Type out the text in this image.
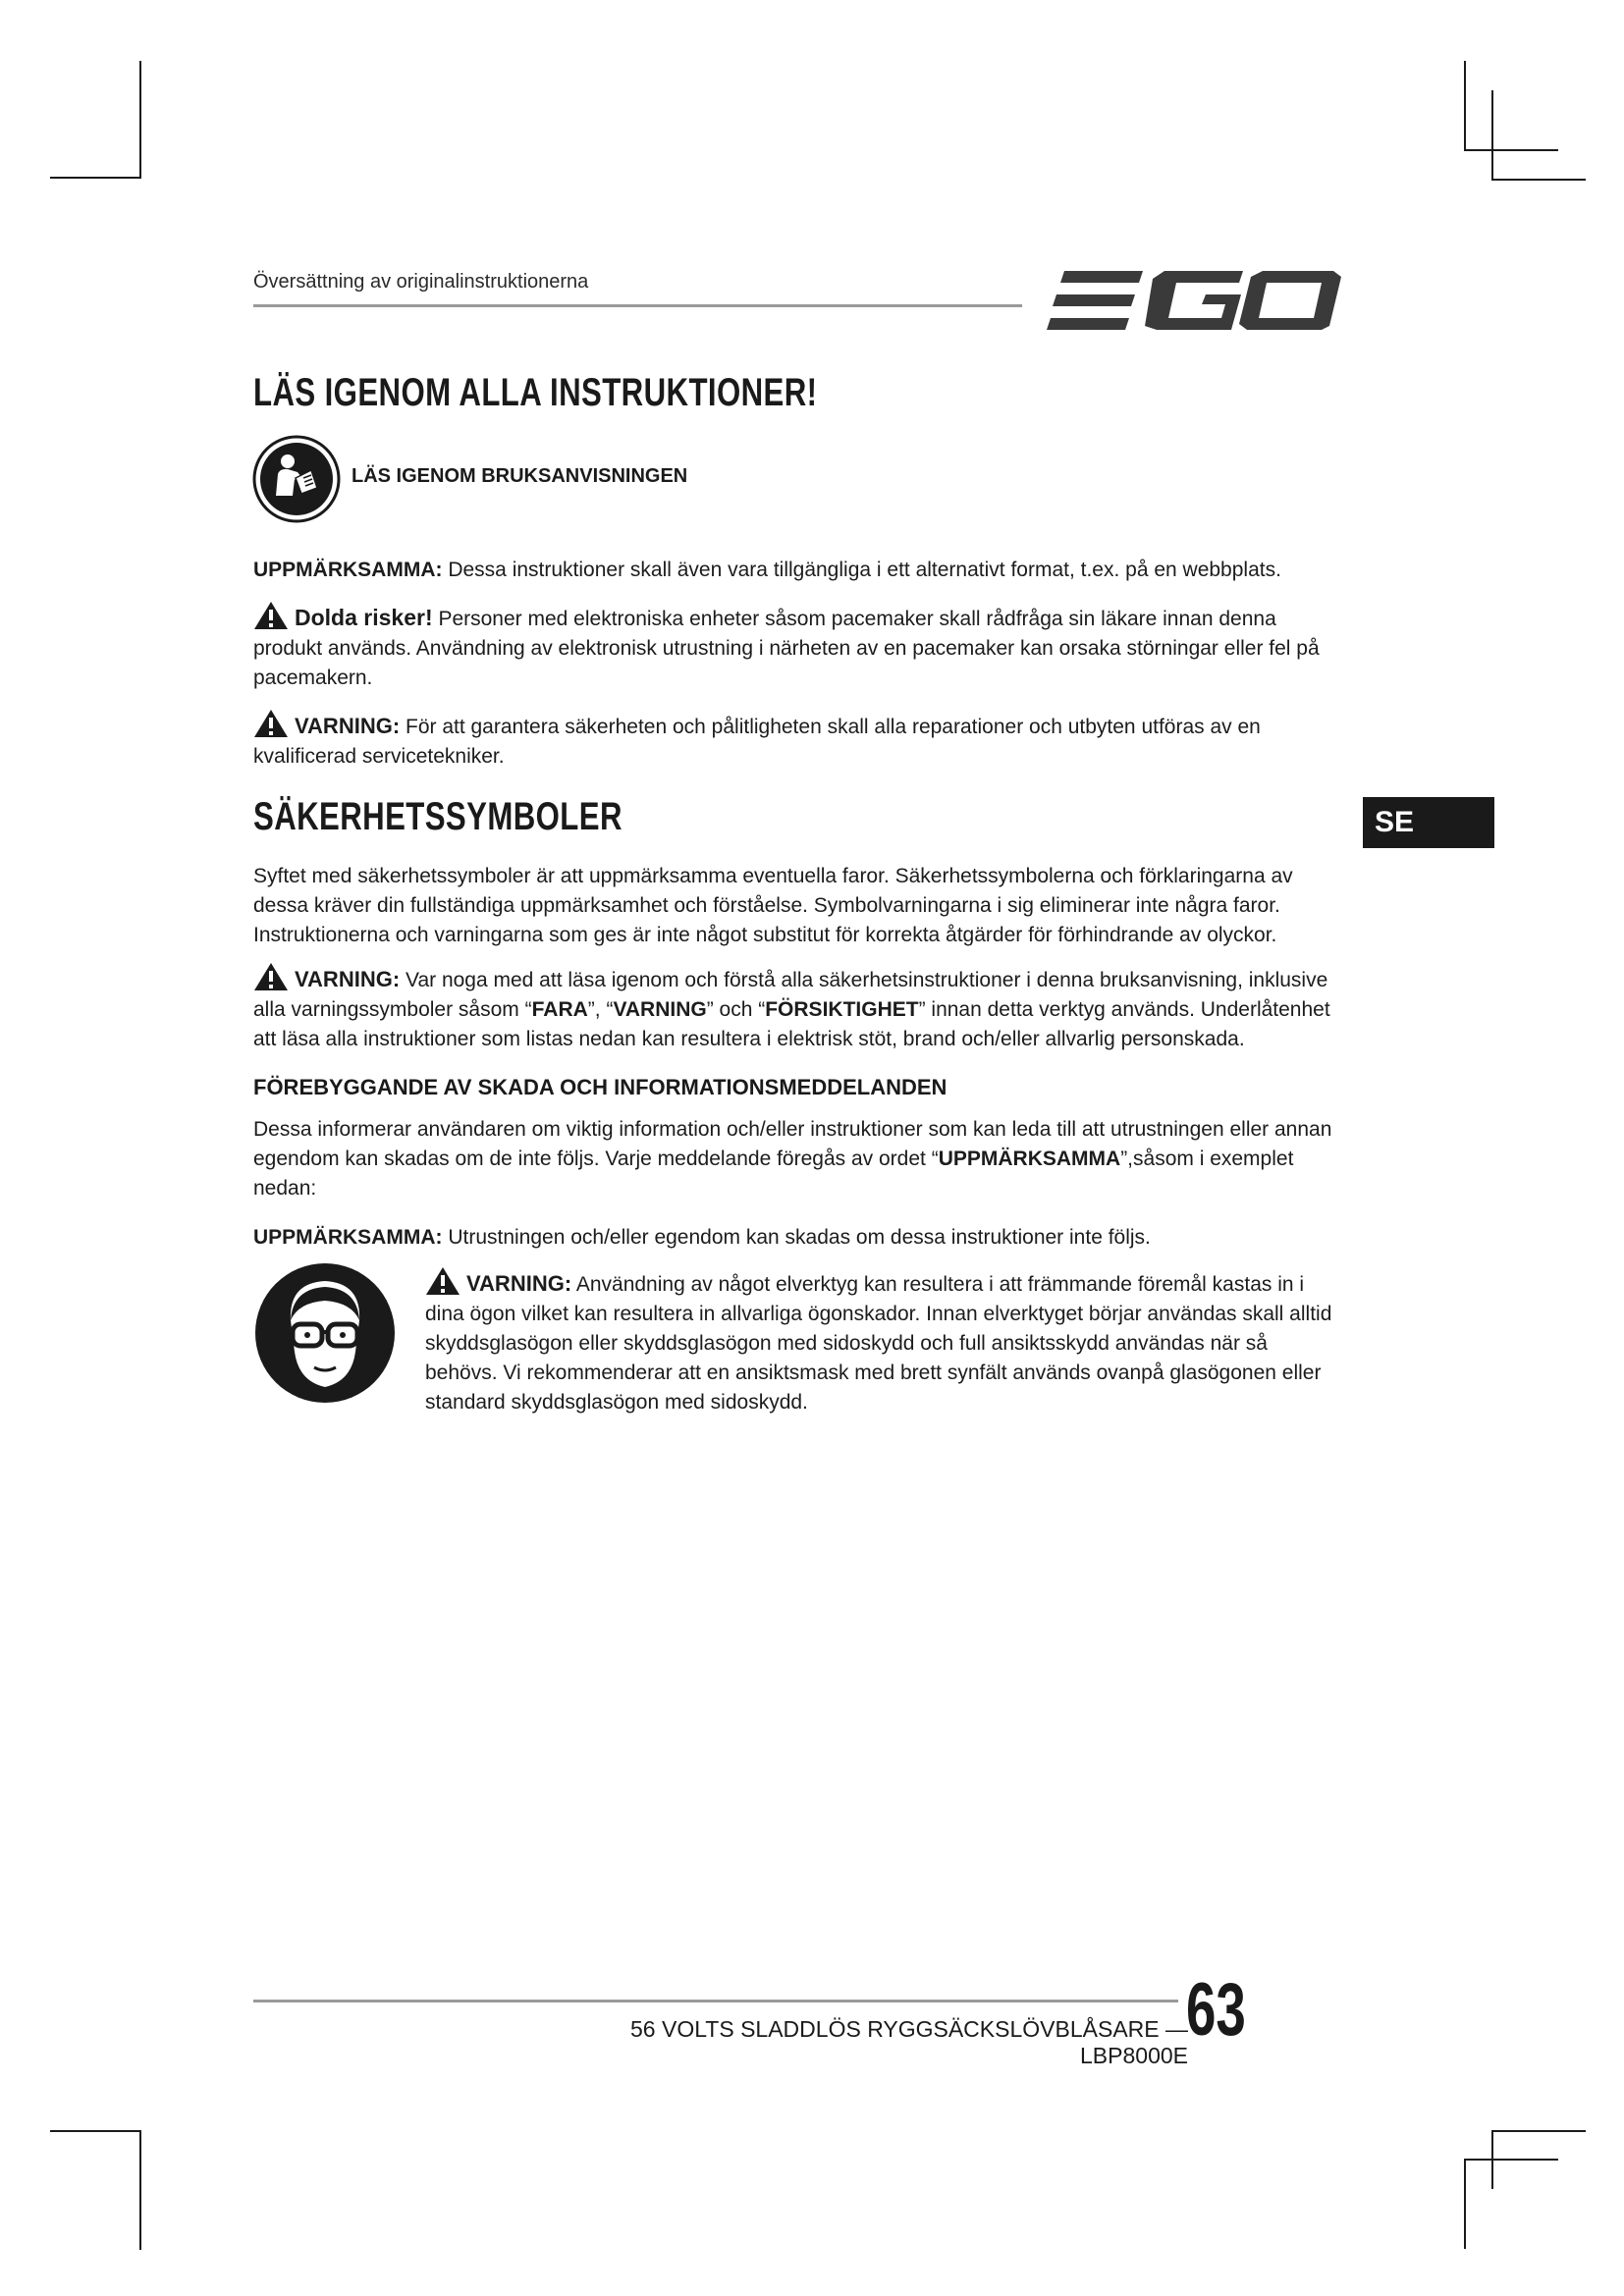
Översättning av originalinstruktionerna
LÄS IGENOM ALLA INSTRUKTIONER!
LÄS IGENOM BRUKSANVISNINGEN

UPPMÄRKSAMMA: Dessa instruktioner skall även vara tillgängliga i ett alternativt format, t.ex. på en webbplats.

Dolda risker! Personer med elektroniska enheter såsom pacemaker skall rådfråga sin läkare innan denna produkt används. Användning av elektronisk utrustning i närheten av en pacemaker kan orsaka störningar eller fel på pacemakern.

VARNING: För att garantera säkerheten och pålitligheten skall alla reparationer och utbyten utföras av en kvalificerad servicetekniker.

SÄKERHETSSYMBOLER	SE

Syftet med säkerhetssymboler är att uppmärksamma eventuella faror. Säkerhetssymbolerna och förklaringarna av dessa kräver din fullständiga uppmärksamhet och förståelse. Symbolvarningarna i sig eliminerar inte några faror. Instruktionerna och varningarna som ges är inte något substitut för korrekta åtgärder för förhindrande av olyckor.

VARNING: Var noga med att läsa igenom och förstå alla säkerhetsinstruktioner i denna bruksanvisning, inklusive alla varningssymboler såsom “FARA”, “VARNING” och “FÖRSIKTIGHET” innan detta verktyg används. Underlåtenhet att läsa alla instruktioner som listas nedan kan resultera i elektrisk stöt, brand och/eller allvarlig personskada.

FÖREBYGGANDE AV SKADA OCH INFORMATIONSMEDDELANDEN

Dessa informerar användaren om viktig information och/eller instruktioner som kan leda till att utrustningen eller annan egendom kan skadas om de inte följs. Varje meddelande föregås av ordet “UPPMÄRKSAMMA”,såsom i exemplet nedan:

UPPMÄRKSAMMA: Utrustningen och/eller egendom kan skadas om dessa instruktioner inte följs.

VARNING: Användning av något elverktyg kan resultera i att främmande föremål kastas in i dina ögon vilket kan resultera in allvarliga ögonskador. Innan elverktyget börjar användas skall alltid skyddsglasögon eller skyddsglasögon med sidoskydd och full ansiktsskydd användas när så behövs. Vi rekommenderar att en ansiktsmask med brett synfält används ovanpå glasögonen eller standard skyddsglasögon med sidoskydd.

56 VOLTS SLADDLÖS RYGGSÄCKSLÖVBLÅSARE — LBP8000E
63
